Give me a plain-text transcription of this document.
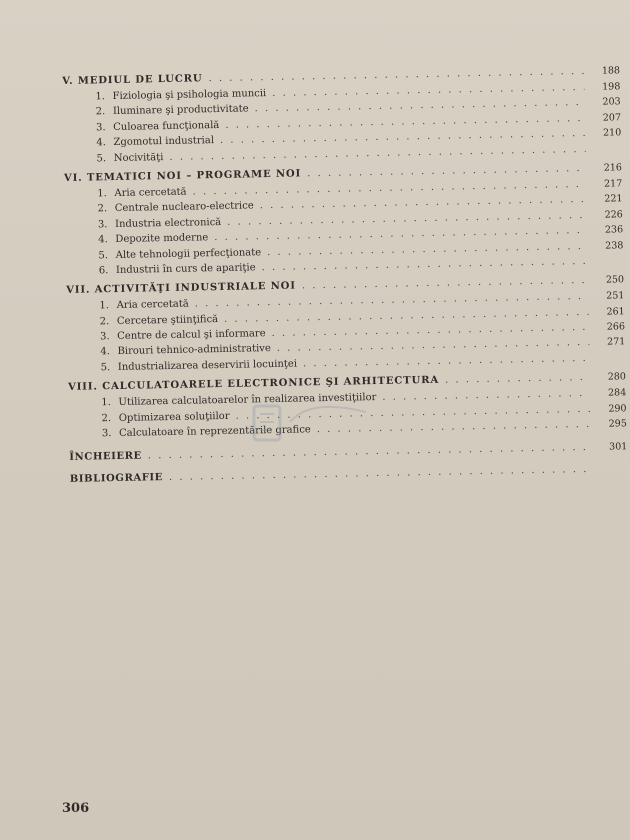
V. MEDIUL DE LUCRU
. . .
188
1.
Fiziologia şi psihologia muncii
. . .
198
2.
Iluminare şi productivitate
. . .
203
3.
Culoarea funcţională
. . .
207
4.
Zgomotul industrial
. . .
210
5.
Nocivităţi
. . .
VI. TEMATICI NOI – PROGRAME NOI
. . .
216
1.
Aria cercetată
. . .
217
2.
Centrale nuclearo-electrice
. . .
221
3.
Industria electronică
. . .
226
4.
Depozite moderne
. . .
236
5.
Alte tehnologii perfecţionate
. . .
238
6.
Industrii în curs de apariţie
. . .
VII. ACTIVITĂŢI INDUSTRIALE NOI
. . .
250
1.
Aria cercetată
. . .
251
2.
Cercetare ştiinţifică
. . .
261
3.
Centre de calcul şi informare
. . .
266
4.
Birouri tehnico-administrative
. . .
271
5.
Industrializarea deservirii locuinţei
. . .
VIII. CALCULATOARELE ELECTRONICE ŞI ARHITECTURA . . .	280
1.
Utilizarea calculatoarelor în realizarea investiţiilor . . .	284
2.
Optimizarea soluţiilor
. . .
290
3.
Calculatoare în reprezentările grafice
. . .
295
ÎNCHEIERE
. . .
301
BIBLIOGRAFIE
. . .
306
